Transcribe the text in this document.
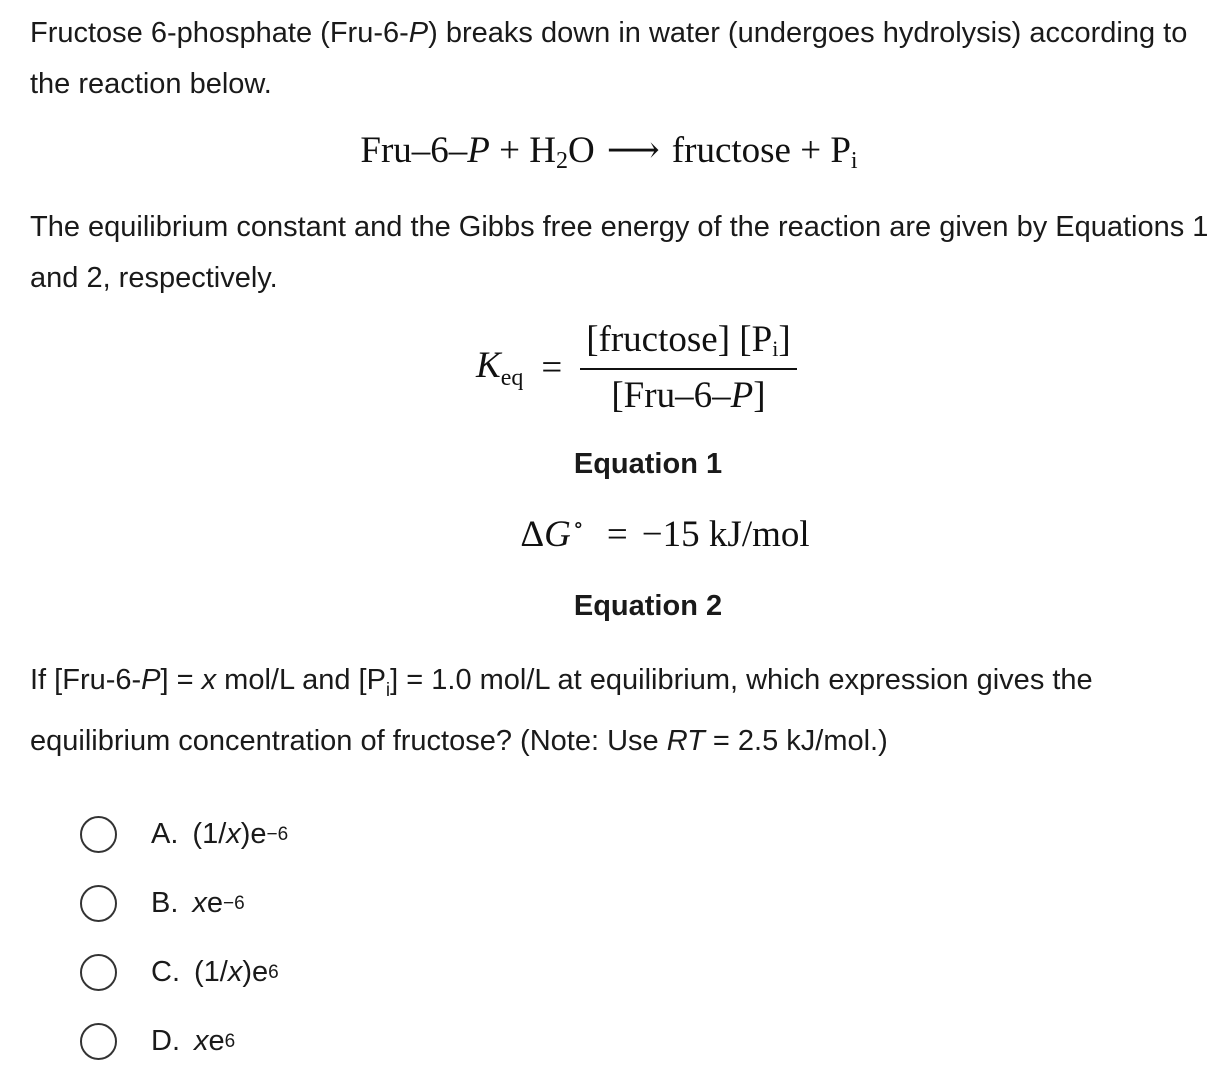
Fructose 6-phosphate (Fru-6-P) breaks down in water (undergoes hydrolysis) according to the reaction below.

$Fru-6-P + H_2O$ ⟶ fructose + $P_i$

The equilibrium constant and the Gibbs free energy of the reaction are given by Equations 1 and 2, respectively.

$K_{eq} = \frac{[fructose] [P_i]}{\text{[Fru–6–P]}}$
Equation 1
ΔG∘ = −15 kJ/mol
Equation 2

If [Fru-6-P] = x mol/L and $[P_i] = 1.0$ mol/L at equilibrium, which expression gives the equilibrium concentration of fructose? (Note: Use RT = 2.5 kJ/mol.)

A. (1/ x )e −6
B. x e −6
C. (1/ x )e 6
D. x e 6
